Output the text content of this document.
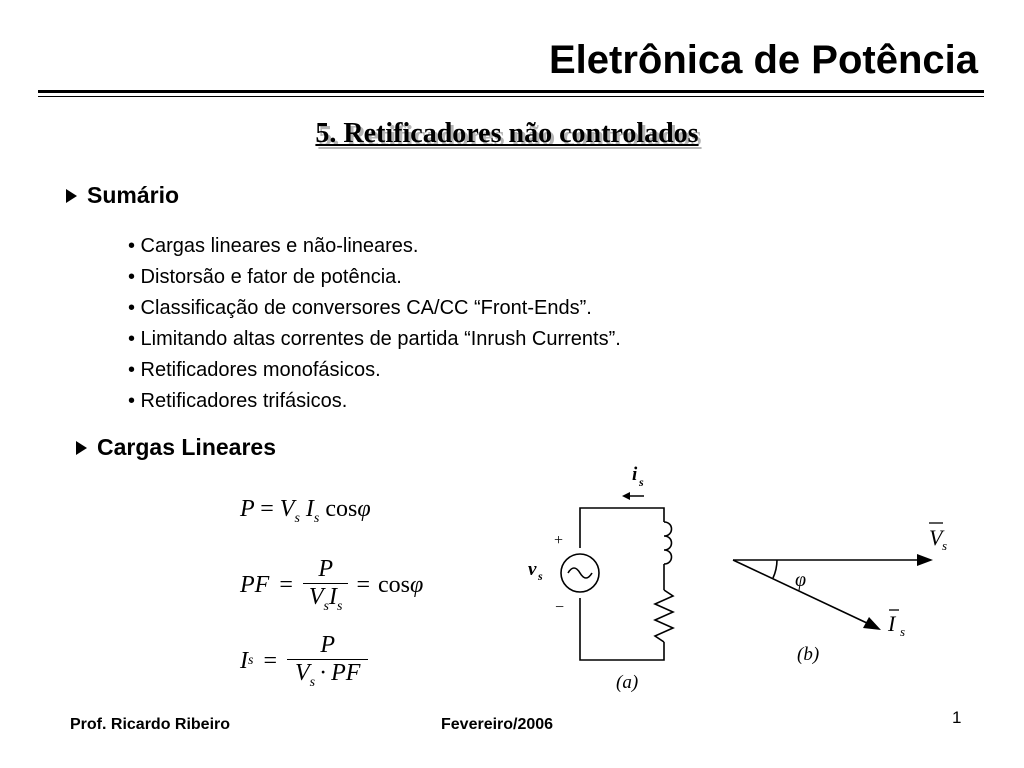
Eletrônica de Potência
5. Retificadores não controlados
Sumário
• Cargas lineares e não-lineares.
• Distorsão e fator de potência.
• Classificação de conversores CA/CC “Front-Ends”.
• Limitando altas correntes de partida “Inrush Currents”.
• Retificadores monofásicos.
• Retificadores trifásicos.
Cargas Lineares
$P = V_s$ $I_s$ cosφ
PF =
P
$V_sI_s$
= cos φ
I $s = \frac{P}{V_s \cdot PF}$
i s
v s
+
−
(a)
V s
φ
I s
(b)
Prof. Ricardo Ribeiro	Fevereiro/2006	1
